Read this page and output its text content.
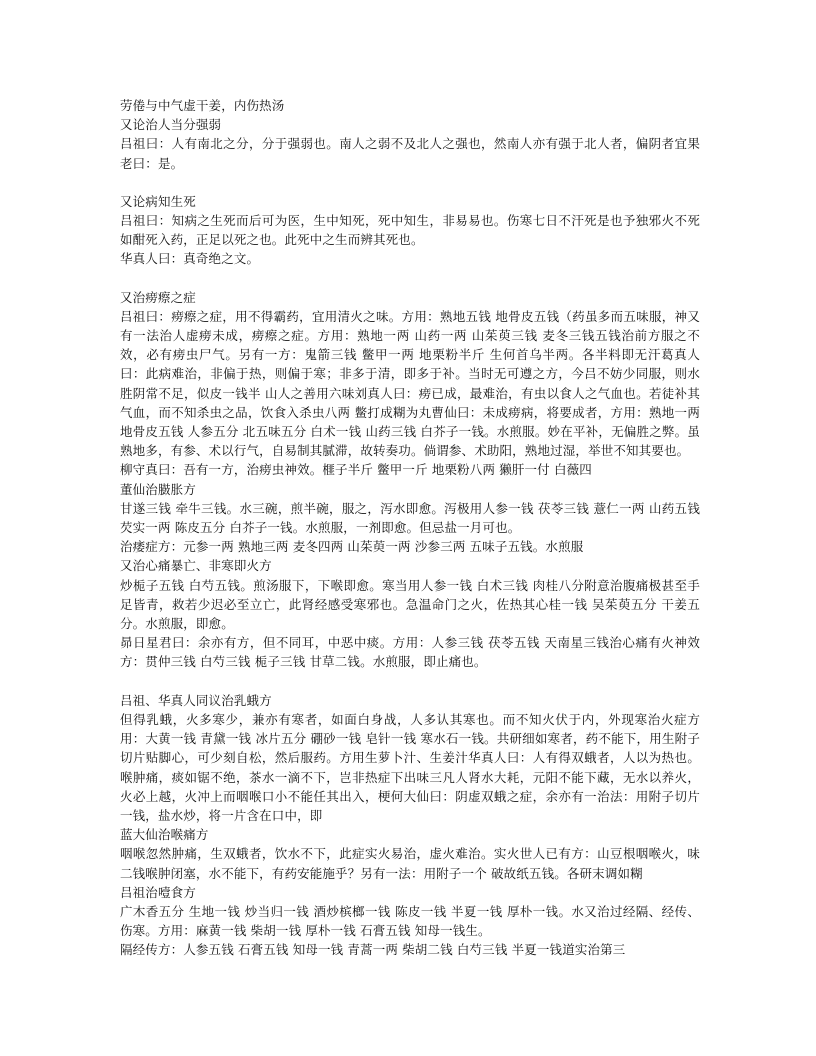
劳倦与中气虚干姜，内伤热汤
又论治人当分强弱
吕祖曰：人有南北之分，分于强弱也。南人之弱不及北人之强也，然南人亦有强于北人者，偏阴者宜果老曰：是。
又论病知生死
吕祖曰：知病之生死而后可为医，生中知死，死中知生，非易易也。伤寒七日不汗死是也予独邪火不死如酣死入药，正足以死之也。此死中之生而辨其死也。
华真人曰：真奇绝之文。
又治痨瘵之症
吕祖曰：痨瘵之症，用不得霸药，宜用清火之味。方用：熟地五钱 地骨皮五钱（药虽多而五味服，神又有一法治人虚痨未成，痨瘵之症。方用：熟地一两 山药一两 山茱萸三钱 麦冬三钱五钱治前方服之不效，必有痨虫尸气。另有一方：鬼箭三钱 鳖甲一两 地栗粉半斤 生何首乌半两。各半料即无汗葛真人曰：此病难治，非偏于热，则偏于寒；非多于清，即多于补。当时无可遵之方，今吕不妨少同服，则水胜阴常不足，似皮一钱半 山人之善用六味刘真人曰：痨已成，最难治，有虫以食人之气血也。若徒补其气血，而不知杀虫之品，饮食入杀虫八两 鳖打成糊为丸曹仙曰：未成痨病，将要成者，方用：熟地一两 地骨皮五钱 人参五分 北五味五分 白术一钱 山药三钱 白芥子一钱。水煎服。妙在平补，无偏胜之弊。虽熟地多，有参、术以行气，自易制其腻滞，故转奏功。倘谓参、术助阳，熟地过湿，举世不知其要也。
柳守真曰：吾有一方，治痨虫神效。榧子半斤 鳖甲一斤 地栗粉八两 獭肝一付 白薇四
董仙治臌胀方
甘遂三钱 牵牛三钱。水三碗，煎半碗，服之，泻水即愈。泻极用人参一钱 茯苓三钱 薏仁一两 山药五钱 芡实一两 陈皮五分 白芥子一钱。水煎服，一剂即愈。但忌盐一月可也。
治痿症方：元参一两 熟地三两 麦冬四两 山茱萸一两 沙参三两 五味子五钱。水煎服
又治心痛暴亡、非寒即火方
炒栀子五钱 白芍五钱。煎汤服下，下喉即愈。寒当用人参一钱 白术三钱 肉桂八分附意治腹痛极甚至手足皆青，救若少迟必至立亡，此肾经感受寒邪也。急温命门之火，佐热其心桂一钱 吴茱萸五分 干姜五分。水煎服，即愈。
昴日星君曰：余亦有方，但不同耳，中恶中痰。方用：人参三钱 茯苓五钱 天南星三钱治心痛有火神效方：贯仲三钱 白芍三钱 栀子三钱 甘草二钱。水煎服，即止痛也。
吕祖、华真人同议治乳蛾方
但得乳蛾，火多寒少，兼亦有寒者，如面白身战，人多认其寒也。而不知火伏于内，外现寒治火症方用：大黄一钱 青黛一钱 冰片五分 硼砂一钱 皂针一钱 寒水石一钱。共研细如寒者，药不能下，用生附子切片贴脚心，可少刻自松，然后服药。方用生萝卜汁、生姜汁华真人曰：人有得双蛾者，人以为热也。喉肿痛，痰如锯不绝，茶水一滴不下，岂非热症下出味三凡人肾水大耗，元阳不能下藏，无水以养火，火必上越，火冲上而咽喉口小不能任其出入，梗何大仙曰：阴虚双蛾之症，余亦有一治法：用附子切片一钱，盐水炒，将一片含在口中，即
蓝大仙治喉痛方
咽喉忽然肿痛，生双蛾者，饮水不下，此症实火易治，虚火难治。实火世人已有方：山豆根咽喉火，味二钱喉肿闭塞，水不能下，有药安能施乎？另有一法：用附子一个 破故纸五钱。各研末调如糊
吕祖治噎食方
广木香五分 生地一钱 炒当归一钱 酒炒槟榔一钱 陈皮一钱 半夏一钱 厚朴一钱。水又治过经隔、经传、伤寒。方用：麻黄一钱 柴胡一钱 厚朴一钱 石膏五钱 知母一钱生。
隔经传方：人参五钱 石膏五钱 知母一钱 青蒿一两 柴胡二钱 白芍三钱 半夏一钱道实治第三
